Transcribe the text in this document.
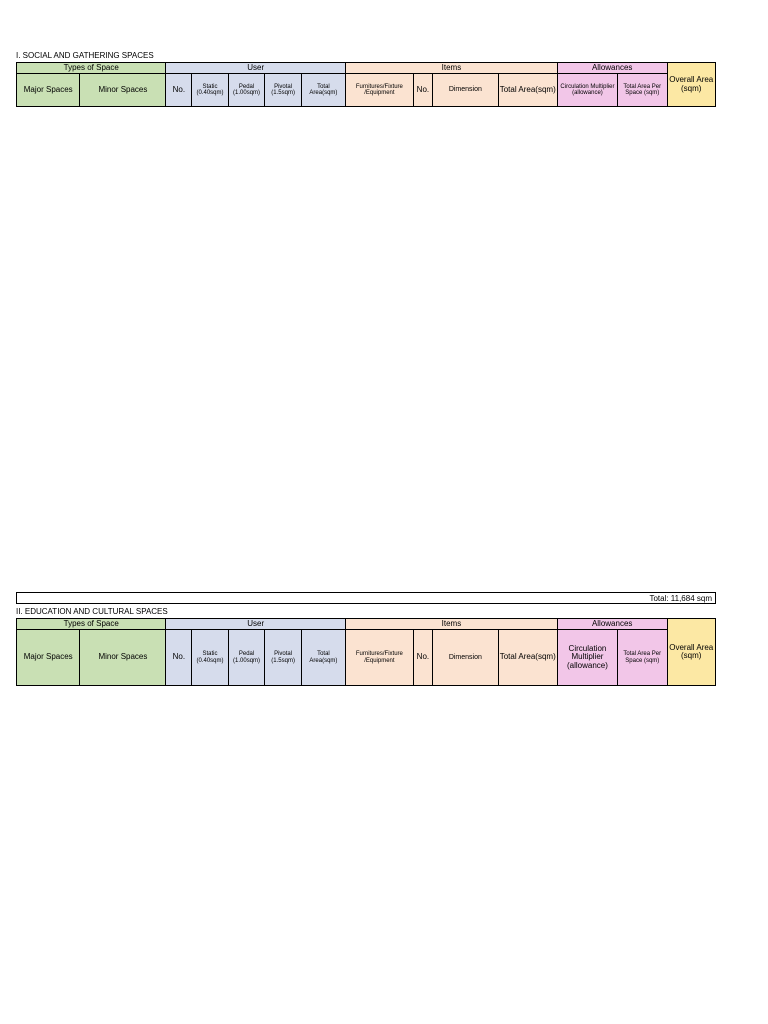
I. SOCIAL AND GATHERING SPACES
Types of Space		User					Items				Allowances		Overall Area (sqm)
Major Spaces	Minor Spaces	No.	Static (0.40sqm)	Pedal (1.00sqm)	Pivotal (1.5sqm)	Total Area(sqm)	Furnitures/Fixture /Equipment	No.	Dimension	Total Area(sqm)	Circulation Multiplier (allowance)	Total Area Per Space (sqm)	
Total: 11,684 sqm
II. EDUCATION AND CULTURAL SPACES
Types of Space		User					Items				Allowances		Overall Area (sqm)
Major Spaces	Minor Spaces	No.	Static (0.40sqm)	Pedal (1.00sqm)	Pivotal (1.5sqm)	Total Area(sqm)	Furnitures/Fixture /Equipment	No.	Dimension	Total Area(sqm)	Circulation Multiplier (allowance)	Total Area Per Space (sqm)	
